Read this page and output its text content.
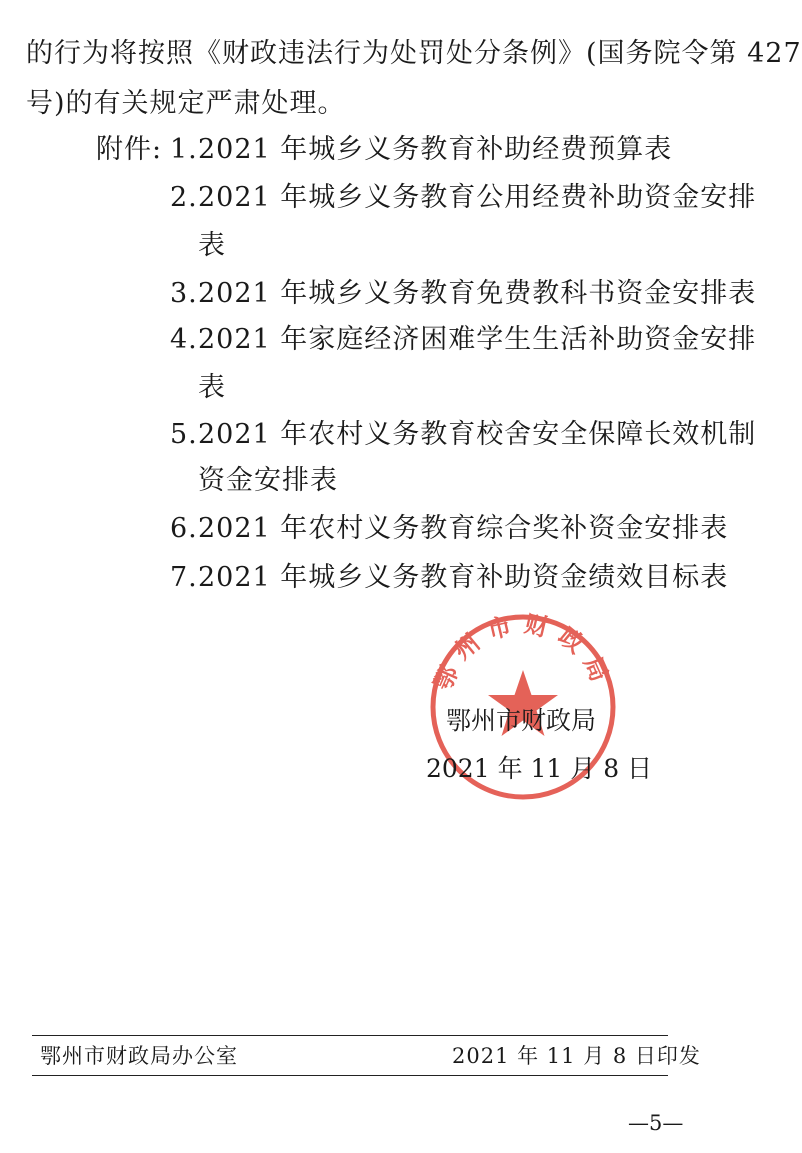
的行为将按照《财政违法行为处罚处分条例》(国务院令第 427
号)的有关规定严肃处理。
附件: 1. 2021 年城乡义务教育补助经费预算表
2. 2021 年城乡义务教育公用经费补助资金安排
表
3. 2021 年城乡义务教育免费教科书资金安排表
4. 2021 年家庭经济困难学生生活补助资金安排
表
5. 2021 年农村义务教育校舍安全保障长效机制
资金安排表
6. 2021 年农村义务教育综合奖补资金安排表
7. 2021 年城乡义务教育补助资金绩效目标表
鄂州市财政局
鄂州市财政局
2021 年 11 月 8 日
鄂州市财政局办公室	2021 年 11 月 8 日印发
—5—
